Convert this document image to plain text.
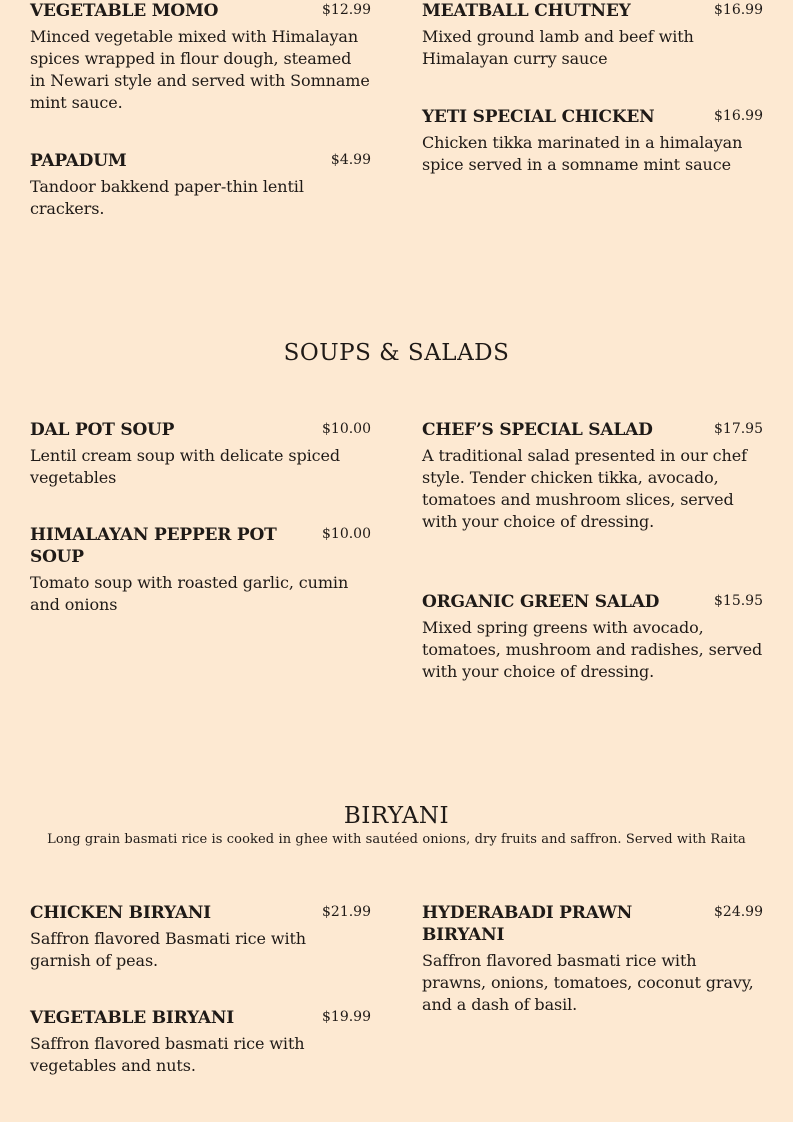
VEGETABLE MOMO	$12.99
Minced vegetable mixed with Himalayan spices wrapped in flour dough, steamed in Newari style and served with Somname mint sauce.
PAPADUM	$4.99
Tandoor bakkend paper-thin lentil crackers.
MEATBALL CHUTNEY	$16.99
Mixed ground lamb and beef with Himalayan curry sauce
YETI SPECIAL CHICKEN	$16.99
Chicken tikka marinated in a himalayan spice served in a somname mint sauce
SOUPS & SALADS
DAL POT SOUP	$10.00
Lentil cream soup with delicate spiced vegetables
HIMALAYAN PEPPER POT SOUP
$10.00
Tomato soup with roasted garlic, cumin and onions
CHEF’S SPECIAL SALAD	$17.95
A traditional salad presented in our chef style. Tender chicken tikka, avocado, tomatoes and mushroom slices, served with your choice of dressing.
ORGANIC GREEN SALAD	$15.95
Mixed spring greens with avocado, tomatoes, mushroom and radishes, served with your choice of dressing.
BIRYANI
Long grain basmati rice is cooked in ghee with sautéed onions, dry fruits and saffron. Served with Raita
CHICKEN BIRYANI	$21.99
Saffron flavored Basmati rice with garnish of peas.
VEGETABLE BIRYANI	$19.99
Saffron flavored basmati rice with vegetables and nuts.
HYDERABADI PRAWN BIRYANI
$24.99
Saffron flavored basmati rice with prawns, onions, tomatoes, coconut gravy, and a dash of basil.
